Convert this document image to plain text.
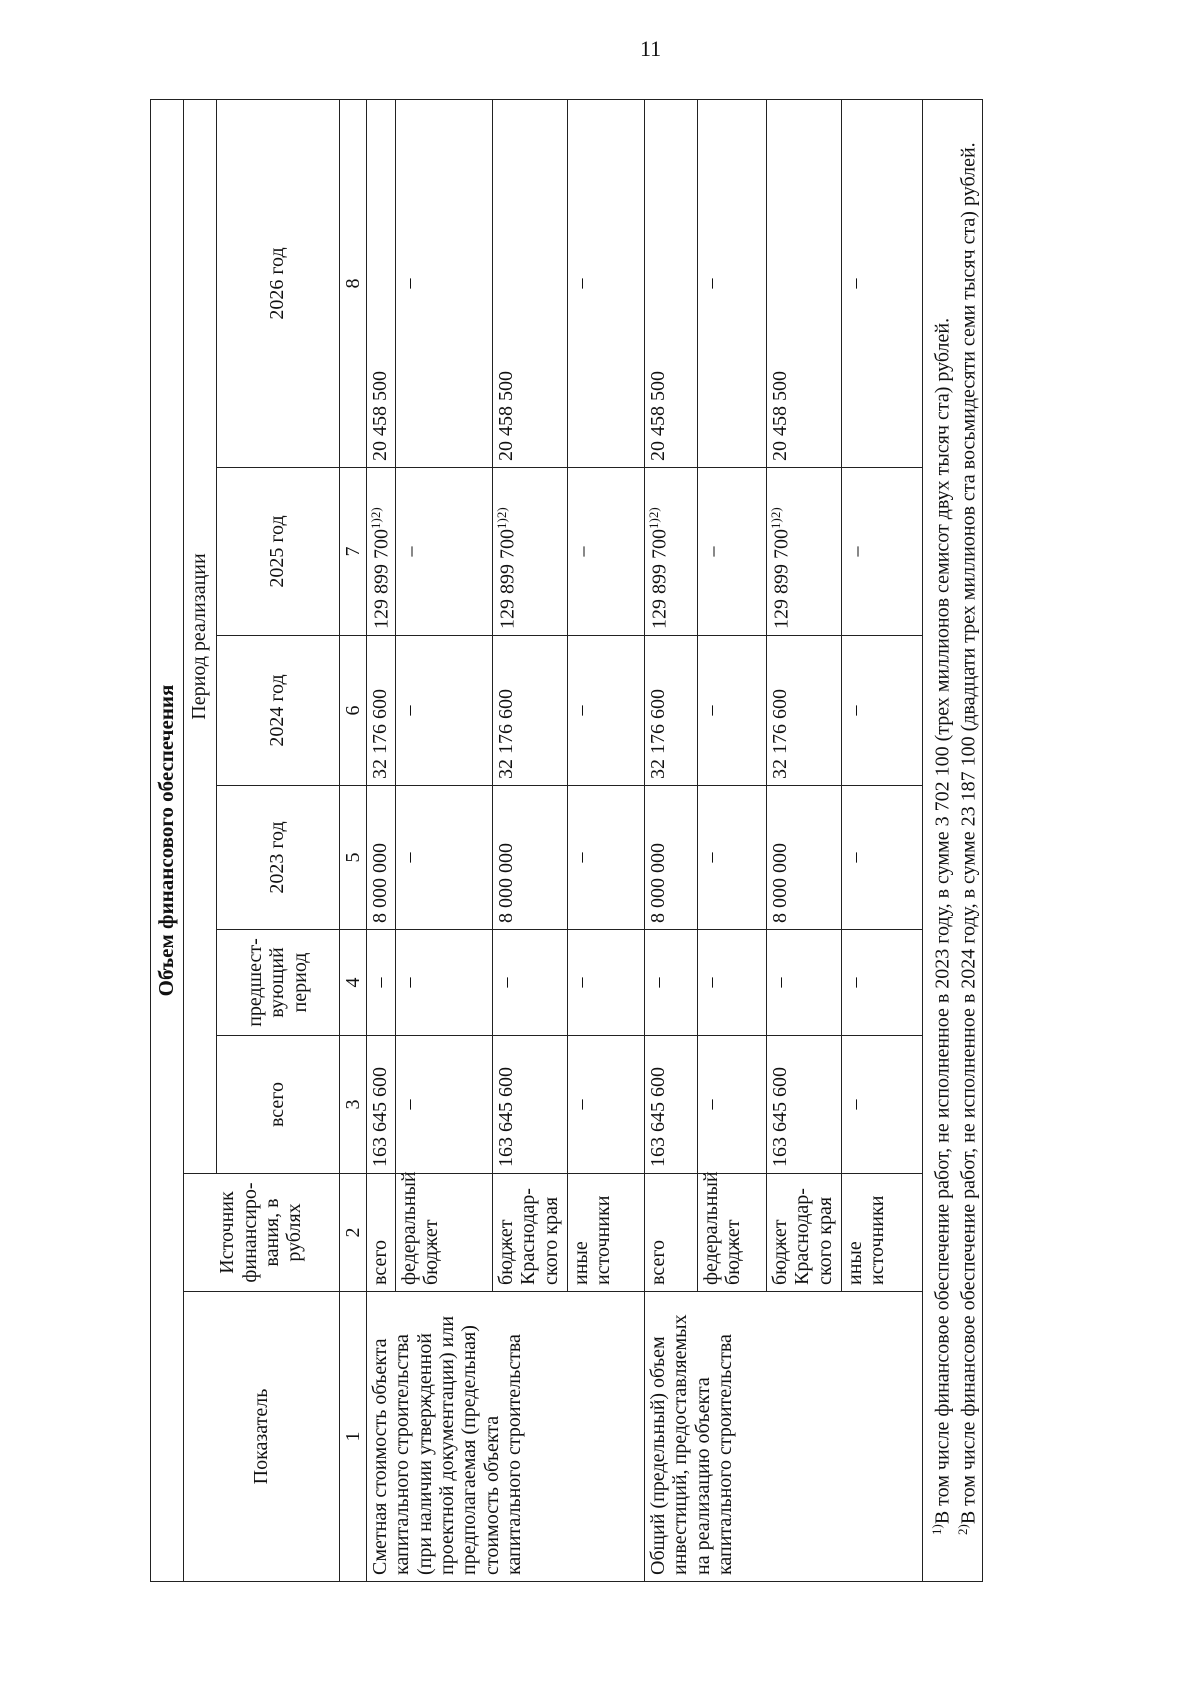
11
Объем финансового обеспечения							
Показатель	Источник финансиро-вания, в рублях	Период реализации					
		всего	предшест-вующий период	2023 год	2024 год	2025 год	2026 год
1	2	3	4	5	6	7	8
Сметная стоимость объекта капитального строительства (при наличии утвержденной проектной документации) или предполагаемая (предельная) стоимость объекта капитального строительства	всего	163 645 600	–	8 000 000	32 176 600	129 899 $700^{1)2)}$	20 458 500
	федеральный бюджет	–	–	–	–	–	–
	бюджет Краснодар-ского края	163 645 600	–	8 000 000	32 176 600	129 899 $700^{1)2)}$	20 458 500
	иные источники	–	–	–	–	–	–
Общий (предельный) объем инвестиций, предоставляемых на реализацию объекта капитального строительства	всего	163 645 600	–	8 000 000	32 176 600	129 899 $700^{1)2)}$	20 458 500
	федеральный бюджет	–	–	–	–	–	–
	бюджет Краснодар-ского края	163 645 600	–	8 000 000	32 176 600	129 899 $700^{1)2)}$	20 458 500
	иные источники	–	–	–	–	–	–

$^{1)}$В том числе финансовое обеспечение работ, не исполненное в 2023 году, в сумме 3 702 100 (трех миллионов семисот двух тысяч ста) рублей.

$^{2)}$В том числе финансовое обеспечение работ, не исполненное в 2024 году, в сумме 23 187 100 (двадцати трех миллионов ста восьмидесяти семи тысяч ста) рублей.							
